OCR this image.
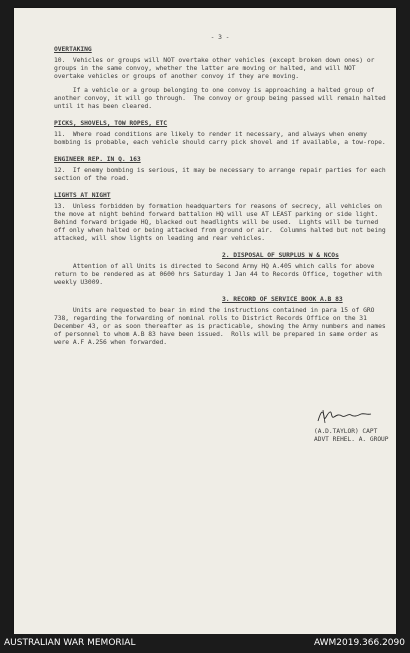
- 3 -
OVERTAKING

10.  Vehicles or groups will NOT overtake other vehicles (except broken down ones) or groups in the same convoy, whether the latter are moving or halted, and will NOT overtake vehicles or groups of another convoy if they are moving.

If a vehicle or a group belonging to one convoy is approaching a halted group of another convoy, it will go through.  The convoy or group being passed will remain halted until it has been cleared.

PICKS, SHOVELS, TOW ROPES, ETC

11.  Where road conditions are likely to render it necessary, and always when enemy bombing is probable, each vehicle should carry pick shovel and if available, a tow-rope.

ENGINEER REP. IN Q. 163

12.  If enemy bombing is serious, it may be necessary to arrange repair parties for each section of the road.

LIGHTS AT NIGHT

13.  Unless forbidden by formation headquarters for reasons of secrecy, all vehicles on the move at night behind forward battalion HQ will use AT LEAST parking or side light.  Behind forward brigade HQ, blacked out headlights will be used.  Lights will be turned off only when halted or being attacked from ground or air.  Columns halted but not being attacked, will show lights on leading and rear vehicles.

2. DISPOSAL OF SURPLUS W & NCOs

Attention of all Units is directed to Second Army HQ A.405 which calls for above return to be rendered as at 0600 hrs Saturday 1 Jan 44 to Records Office, together with weekly U3009.

3. RECORD OF SERVICE BOOK A.B 83

Units are requested to bear in mind the instructions contained in para 15 of GRO 738, regarding the forwarding of nominal rolls to District Records Office on the 31 December 43, or as soon thereafter as is practicable, showing the Army numbers and names of personnel to whom A.B 83 have been issued.  Rolls will be prepared in same order as were A.F A.256 when forwarded.

(A.D.TAYLOR) CAPT
ADVT REHEL. A. GROUP
AUSTRALIAN WAR MEMORIAL	AWM2019.366.2090
